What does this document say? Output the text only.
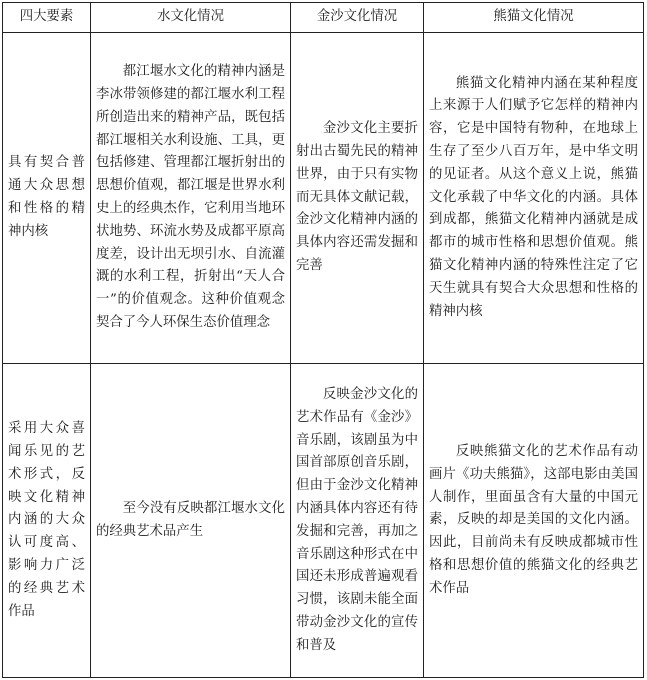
四大要素	水文化情况	金沙文化情况	熊猫文化情况
具有契合普通大众思想和性格的精神内核	都江堰水文化的精神内涵是李冰带领修建的都江堰水利工程所创造出来的精神产品，既包括都江堰相关水利设施、工具，更包括修建、管理都江堰折射出的思想价值观，都江堰是世界水利史上的经典杰作，它利用当地环状地势、环流水势及成都平原高度差，设计出无坝引水、自流灌溉的水利工程，折射出“天人合一”的价值观念。这种价值观念契合了今人环保生态价值理念	金沙文化主要折射出古蜀先民的精神世界，由于只有实物而无具体文献记载，金沙文化精神内涵的具体内容还需发掘和完善	熊猫文化精神内涵在某种程度上来源于人们赋予它怎样的精神内容，它是中国特有物种，在地球上生存了至少八百万年，是中华文明的见证者。从这个意义上说，熊猫文化承载了中华文化的内涵。具体到成都，熊猫文化精神内涵就是成都市的城市性格和思想价值观。熊猫文化精神内涵的特殊性注定了它天生就具有契合大众思想和性格的精神内核
采用大众喜闻乐见的艺术形式，反映文化精神内涵的大众认可度高、影响力广泛的经典艺术作品	至今没有反映都江堰水文化的经典艺术品产生	反映金沙文化的艺术作品有《金沙》音乐剧，该剧虽为中国首部原创音乐剧，但由于金沙文化精神内涵具体内容还有待发掘和完善，再加之音乐剧这种形式在中国还未形成普遍观看习惯，该剧未能全面带动金沙文化的宣传和普及	反映熊猫文化的艺术作品有动画片《功夫熊猫》，这部电影由美国人制作，里面虽含有大量的中国元素，反映的却是美国的文化内涵。因此，目前尚未有反映成都城市性格和思想价值的熊猫文化的经典艺术作品
